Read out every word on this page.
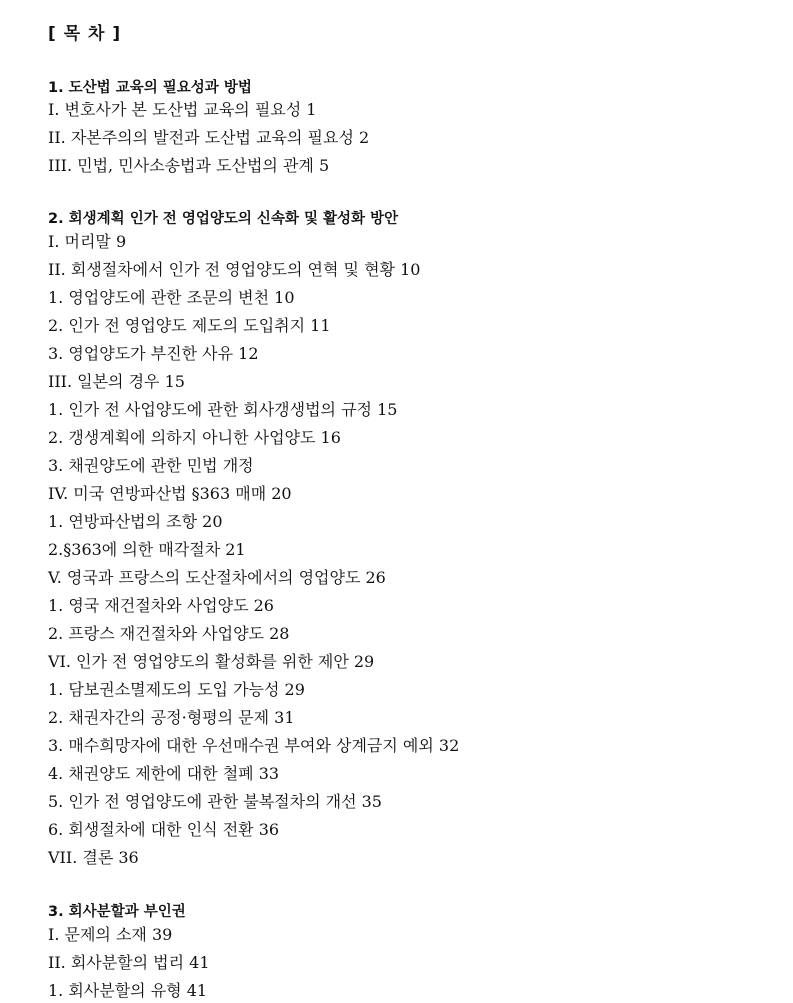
[ 목 차 ]
1. 도산법 교육의 필요성과 방법
I. 변호사가 본 도산법 교육의 필요성 1
II. 자본주의의 발전과 도산법 교육의 필요성 2
III. 민법, 민사소송법과 도산법의 관계 5
2. 회생계획 인가 전 영업양도의 신속화 및 활성화 방안
I. 머리말 9
II. 회생절차에서 인가 전 영업양도의 연혁 및 현황 10
1. 영업양도에 관한 조문의 변천 10
2. 인가 전 영업양도 제도의 도입취지 11
3. 영업양도가 부진한 사유 12
III. 일본의 경우 15
1. 인가 전 사업양도에 관한 회사갱생법의 규정 15
2. 갱생계획에 의하지 아니한 사업양도 16
3. 채권양도에 관한 민법 개정
IV. 미국 연방파산법 §363 매매 20
1. 연방파산법의 조항 20
2.§363에 의한 매각절차 21
V. 영국과 프랑스의 도산절차에서의 영업양도 26
1. 영국 재건절차와 사업양도 26
2. 프랑스 재건절차와 사업양도 28
VI. 인가 전 영업양도의 활성화를 위한 제안 29
1. 담보권소멸제도의 도입 가능성 29
2. 채권자간의 공정·형평의 문제 31
3. 매수희망자에 대한 우선매수권 부여와 상계금지 예외 32
4. 채권양도 제한에 대한 철폐 33
5. 인가 전 영업양도에 관한 불복절차의 개선 35
6. 회생절차에 대한 인식 전환 36
VII. 결론 36
3. 회사분할과 부인권
I. 문제의 소재 39
II. 회사분할의 법리 41
1. 회사분할의 유형 41
